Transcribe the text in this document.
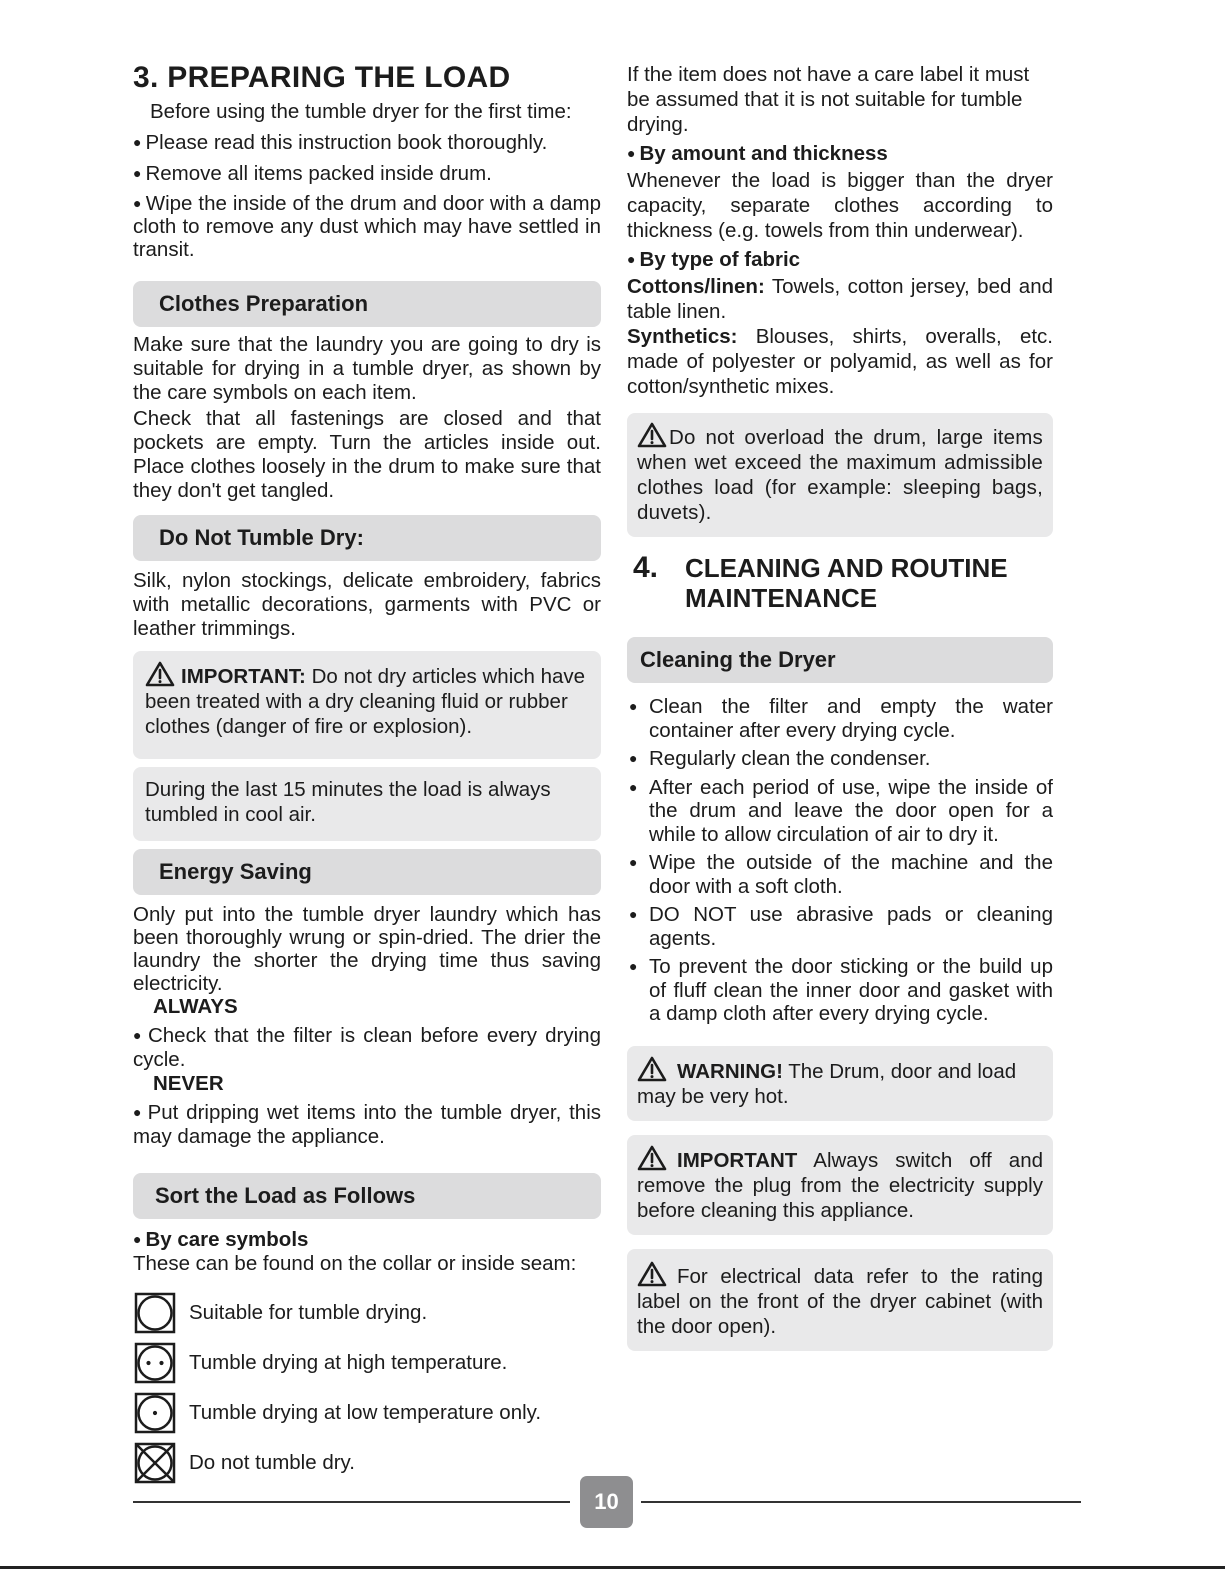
3. PREPARING THE LOAD

Before using the tumble dryer for the first time:

● Please read this instruction book thoroughly.

● Remove all items packed inside drum.

● Wipe the inside of the drum and door with a damp cloth to remove any dust which may have settled in transit.

Clothes Preparation

Make sure that the laundry you are going to dry is suitable for drying in a tumble dryer, as shown by the care symbols on each item.

Check that all fastenings are closed and that pockets are empty. Turn the articles inside out. Place clothes loosely in the drum to make sure that they don't get tangled.

Do Not Tumble Dry:

Silk, nylon stockings, delicate embroidery, fabrics with metallic decorations, garments with PVC or leather trimmings.

IMPORTANT: Do not dry articles which have been treated with a dry cleaning fluid or rubber clothes (danger of fire or explosion).
During the last 15 minutes the load is always tumbled in cool air.
Energy Saving

Only put into the tumble dryer laundry which has been thoroughly wrung or spin-dried. The drier the laundry the shorter the drying time thus saving electricity.

ALWAYS

● Check that the filter is clean before every drying cycle.

NEVER

● Put dripping wet items into the tumble dryer, this may damage the appliance.

Sort the Load as Follows

● By care symbols

These can be found on the collar or inside seam:

Suitable for tumble drying.
Tumble drying at high temperature.
Tumble drying at low temperature only.
Do not tumble dry.

If the item does not have a care label it must be assumed that it is not suitable for tumble drying.

● By amount and thickness

Whenever the load is bigger than the dryer capacity, separate clothes according to thickness (e.g. towels from thin underwear).

● By type of fabric

Cottons/linen: Towels, cotton jersey, bed and table linen.

Synthetics: Blouses, shirts, overalls, etc. made of polyester or polyamid, as well as for cotton/synthetic mixes.

Do not overload the drum, large items when wet exceed the maximum admissible clothes load (for example: sleeping bags, duvets).
4.	CLEANING AND ROUTINE
MAINTENANCE
Cleaning the Dryer
● Clean the filter and empty the water container after every drying cycle.
● Regularly clean the condenser.
● After each period of use, wipe the inside of the drum and leave the door open for a while to allow circulation of air to dry it.
● Wipe the outside of the machine and the door with a soft cloth.
● DO NOT use abrasive pads or cleaning agents.
● To prevent the door sticking or the build up of fluff clean the inner door and gasket with a damp cloth after every drying cycle.
WARNING! The Drum, door and load may be very hot.
IMPORTANT Always switch off and remove the plug from the electricity supply before cleaning this appliance.
For electrical data refer to the rating label on the front of the dryer cabinet (with the door open).
10
